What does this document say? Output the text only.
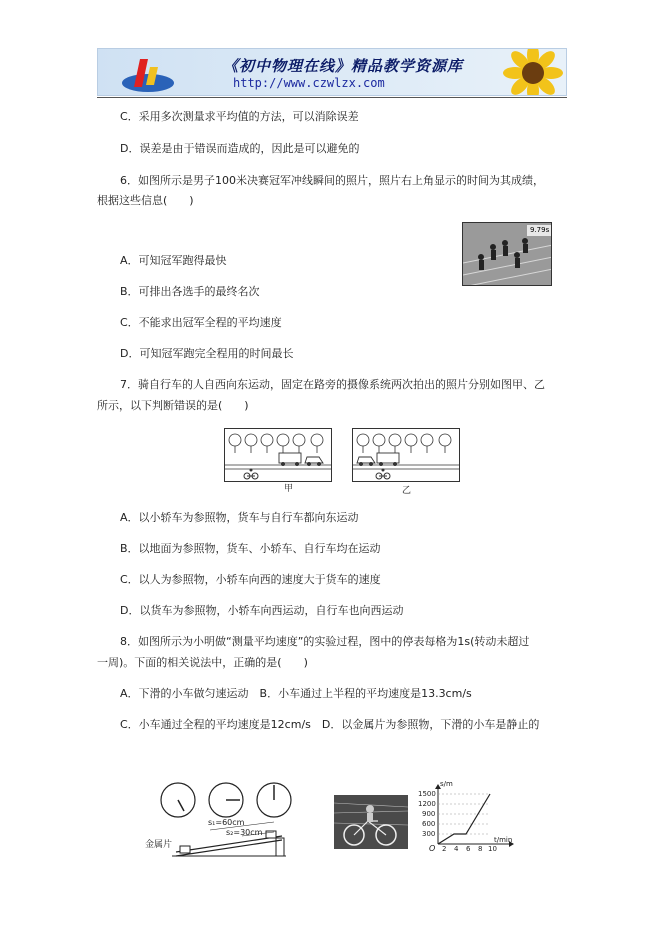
《初中物理在线》精品教学资源库
http://www.czwlzx.com
C．采用多次测量求平均值的方法，可以消除误差
D．误差是由于错误而造成的，因此是可以避免的
6．如图所示是男子100米决赛冠军冲线瞬间的照片，照片右上角显示的时间为其成绩，
根据这些信息(　　)
9.79s
A．可知冠军跑得最快
B．可排出各选手的最终名次
C．不能求出冠军全程的平均速度
D．可知冠军跑完全程用的时间最长
7．骑自行车的人自西向东运动，固定在路旁的摄像系统两次拍出的照片分别如图甲、乙
所示，以下判断错误的是(　　)
甲	乙
A．以小轿车为参照物，货车与自行车都向东运动
B．以地面为参照物，货车、小轿车、自行车均在运动
C．以人为参照物，小轿车向西的速度大于货车的速度
D．以货车为参照物，小轿车向西运动，自行车也向西运动
8．如图所示为小明做“测量平均速度”的实验过程，图中的停表每格为1s(转动未超过
一周)。下面的相关说法中，正确的是(　　)
A．下滑的小车做匀速运动　B．小车通过上半程的平均速度是13.3cm/s
C．小车通过全程的平均速度是12cm/s　D．以金属片为参照物，下滑的小车是静止的
s₁=60cm
s₂=30cm
金属片
s/m
t/min
O
1500
1200
900
600
300
2 4 6 8 10
